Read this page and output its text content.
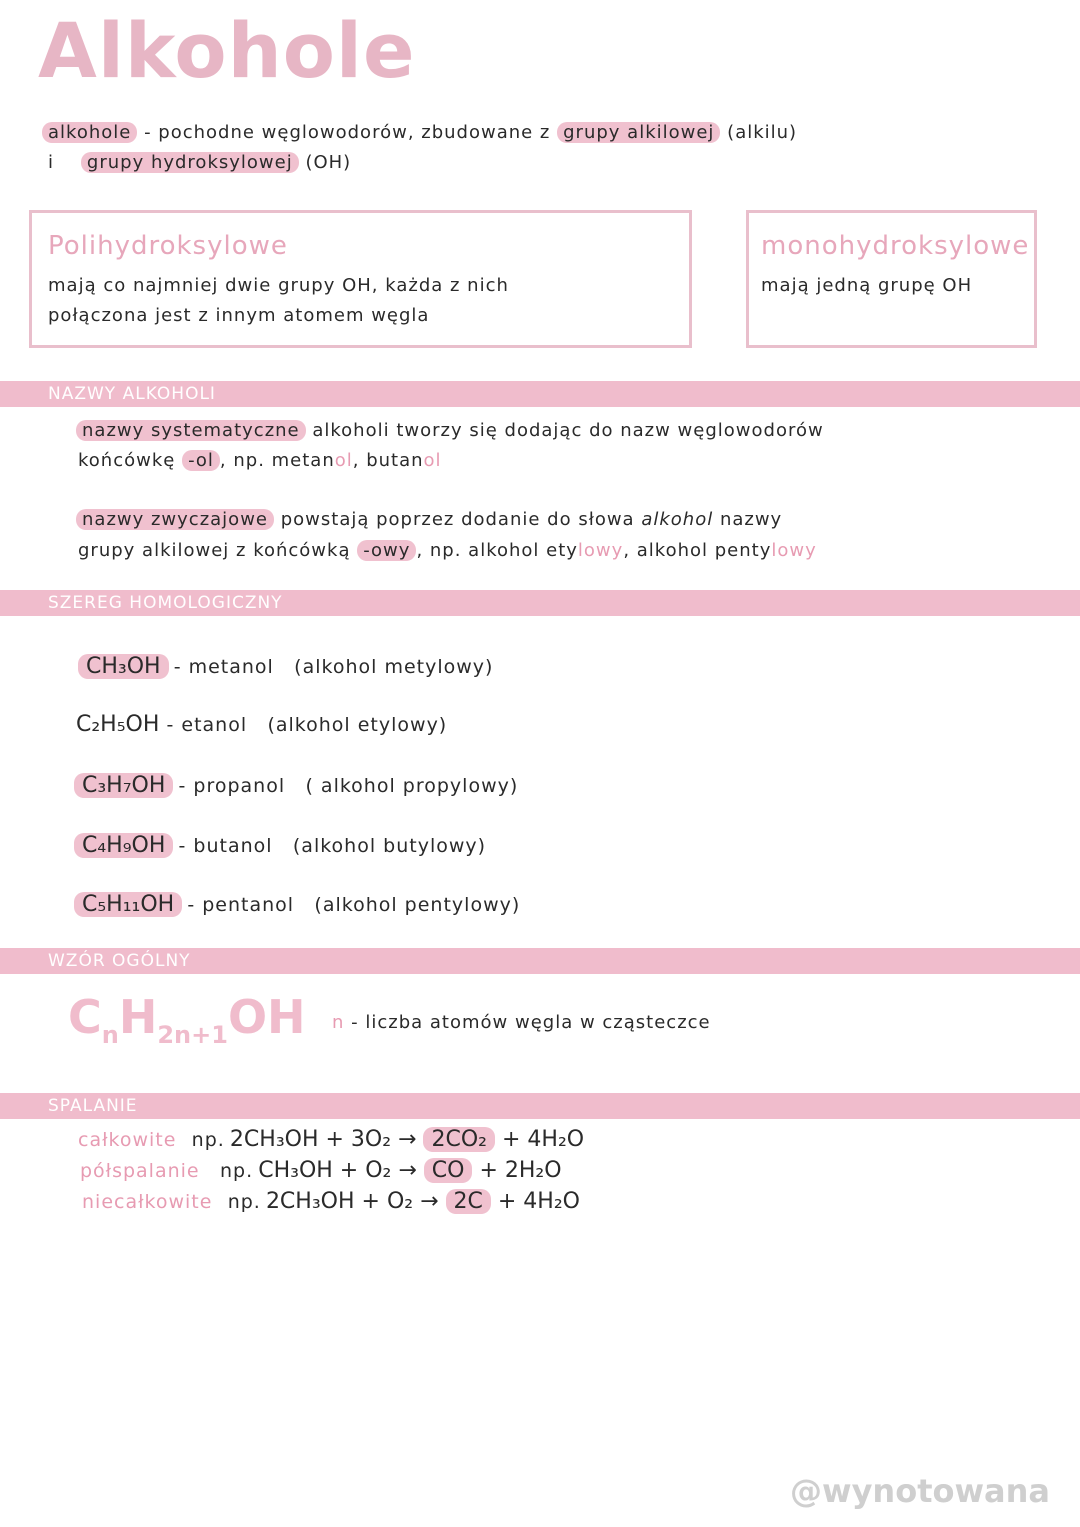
Alkohole
alkohole - pochodne węglowodorów, zbudowane z grupy alkilowej (alkilu)
i grupy hydroksylowej (OH)
Polihydroksylowe
mają co najmniej dwie grupy OH, każda z nich
połączona jest z innym atomem węgla
monohydroksylowe
mają jedną grupę OH
NAZWY ALKOHOLI
nazwy systematyczne alkoholi tworzy się dodając do nazw węglowodorów
końcówkę -ol , np. metanol, butanol
nazwy zwyczajowe powstają poprzez dodanie do słowa alkohol nazwy
grupy alkilowej z końcówką -owy , np. alkohol etylowy, alkohol pentylowy
SZEREG HOMOLOGICZNY
CH₃OH - metanol (alkohol metylowy)
C₂H₅OH - etanol (alkohol etylowy)
C₃H₇OH - propanol ( alkohol propylowy)
C₄H₉OH - butanol (alkohol butylowy)
C₅H₁₁OH - pentanol (alkohol pentylowy)
WZÓR OGÓLNY
$C_nH_{2n+1}OH$ n - liczba atomów węgla w cząsteczce
SPALANIE
całkowite np. 2CH₃OH + 3O₂ → 2CO₂ + 4H₂O
półspalanie np. CH₃OH + O₂ → CO + 2H₂O
niecałkowite np. 2CH₃OH + O₂ → 2C + 4H₂O
@wynotowana
